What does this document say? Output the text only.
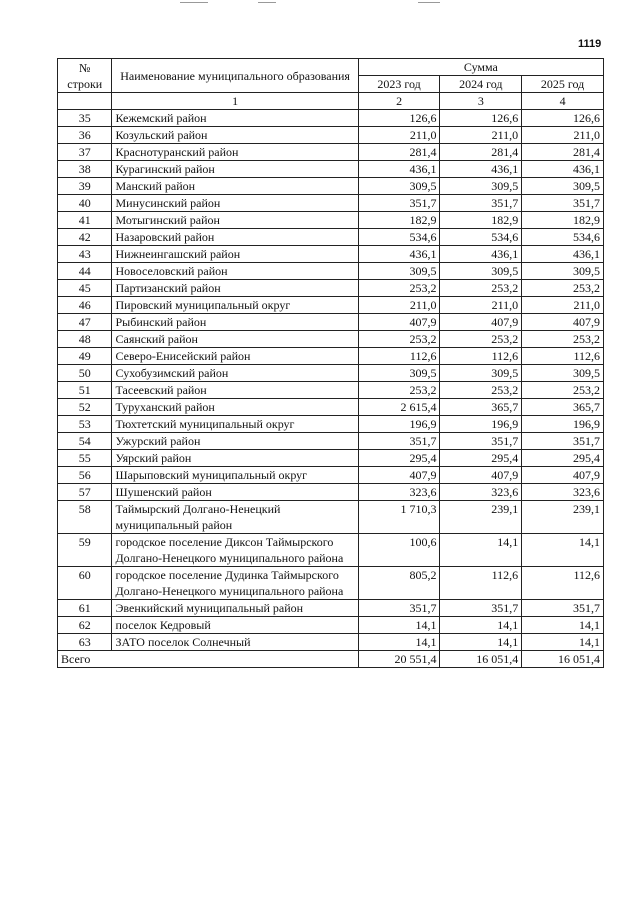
1119
№ строки	Наименование муниципального образования	Сумма		
		2023 год	2024 год	2025 год
	1	2	3	4
35	Кежемский район	126,6	126,6	126,6
36	Козульский район	211,0	211,0	211,0
37	Краснотуранский район	281,4	281,4	281,4
38	Курагинский район	436,1	436,1	436,1
39	Манский район	309,5	309,5	309,5
40	Минусинский район	351,7	351,7	351,7
41	Мотыгинский район	182,9	182,9	182,9
42	Назаровский район	534,6	534,6	534,6
43	Нижнеингашский район	436,1	436,1	436,1
44	Новоселовский район	309,5	309,5	309,5
45	Партизанский район	253,2	253,2	253,2
46	Пировский муниципальный округ	211,0	211,0	211,0
47	Рыбинский район	407,9	407,9	407,9
48	Саянский район	253,2	253,2	253,2
49	Северо-Енисейский район	112,6	112,6	112,6
50	Сухобузимский район	309,5	309,5	309,5
51	Тасеевский район	253,2	253,2	253,2
52	Туруханский район	2 615,4	365,7	365,7
53	Тюхтетский муниципальный округ	196,9	196,9	196,9
54	Ужурский район	351,7	351,7	351,7
55	Уярский район	295,4	295,4	295,4
56	Шарыповский муниципальный округ	407,9	407,9	407,9
57	Шушенский район	323,6	323,6	323,6
58	Таймырский Долгано-Ненецкий муниципальный район	1 710,3	239,1	239,1
59	городское поселение Диксон Таймырского Долгано-Ненецкого муниципального района	100,6	14,1	14,1
60	городское поселение Дудинка Таймырского Долгано-Ненецкого муниципального района	805,2	112,6	112,6
61	Эвенкийский муниципальный район	351,7	351,7	351,7
62	поселок Кедровый	14,1	14,1	14,1
63	ЗАТО поселок Солнечный	14,1	14,1	14,1
Всего		20 551,4	16 051,4	16 051,4
